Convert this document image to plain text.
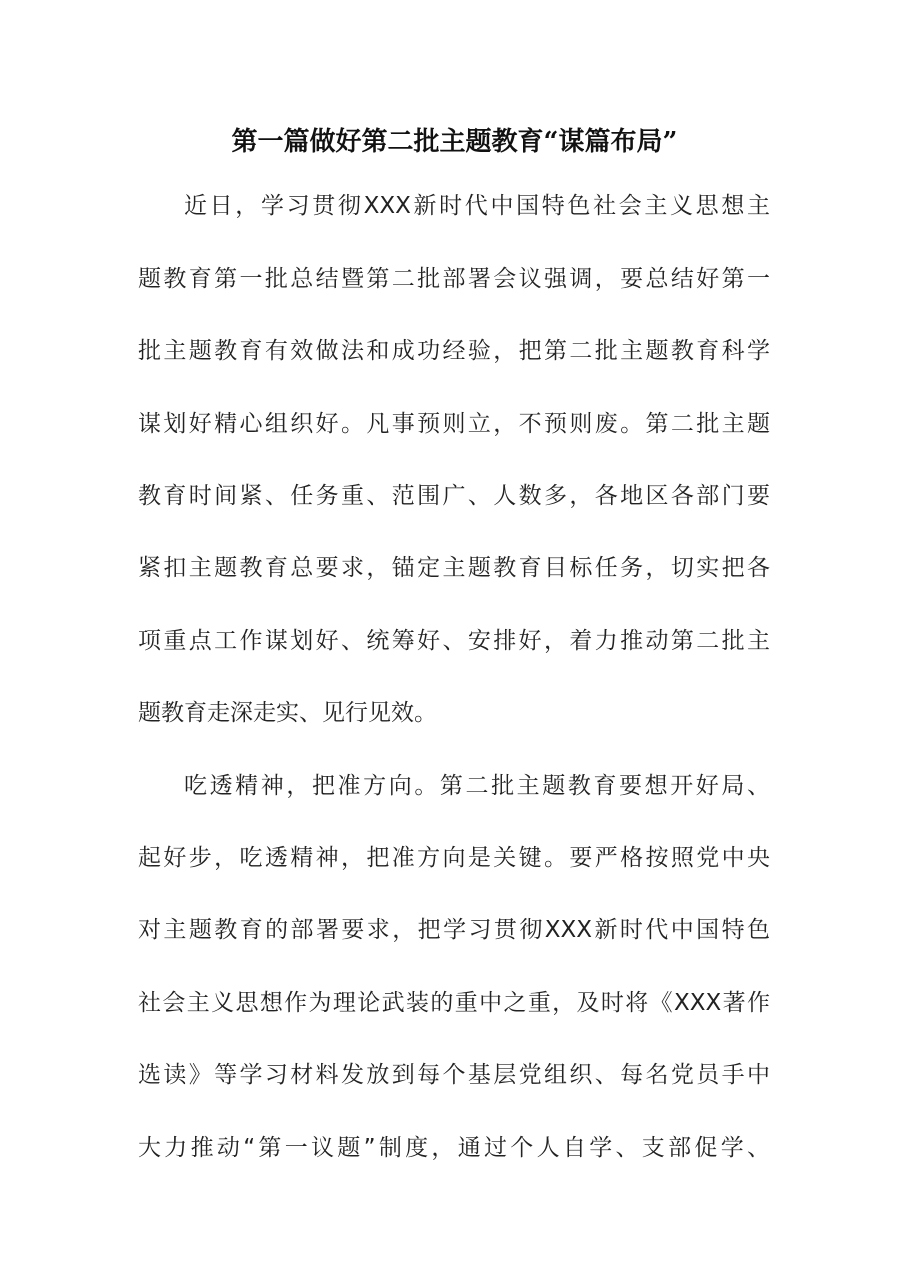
第一篇做好第二批主题教育“谋篇布局”
近日，学习贯彻XXX新时代中国特色社会主义思想主
题教育第一批总结暨第二批部署会议强调，要总结好第一
批主题教育有效做法和成功经验，把第二批主题教育科学
谋划好精心组织好。凡事预则立，不预则废。第二批主题
教育时间紧、任务重、范围广、人数多，各地区各部门要
紧扣主题教育总要求，锚定主题教育目标任务，切实把各
项重点工作谋划好、统筹好、安排好，着力推动第二批主
题教育走深走实、见行见效。
吃透精神，把准方向。第二批主题教育要想开好局、
起好步，吃透精神，把准方向是关键。要严格按照党中央
对主题教育的部署要求，把学习贯彻XXX新时代中国特色
社会主义思想作为理论武装的重中之重，及时将《XXX著作
选读》等学习材料发放到每个基层党组织、每名党员手中
大力推动“第一议题”制度，通过个人自学、支部促学、
